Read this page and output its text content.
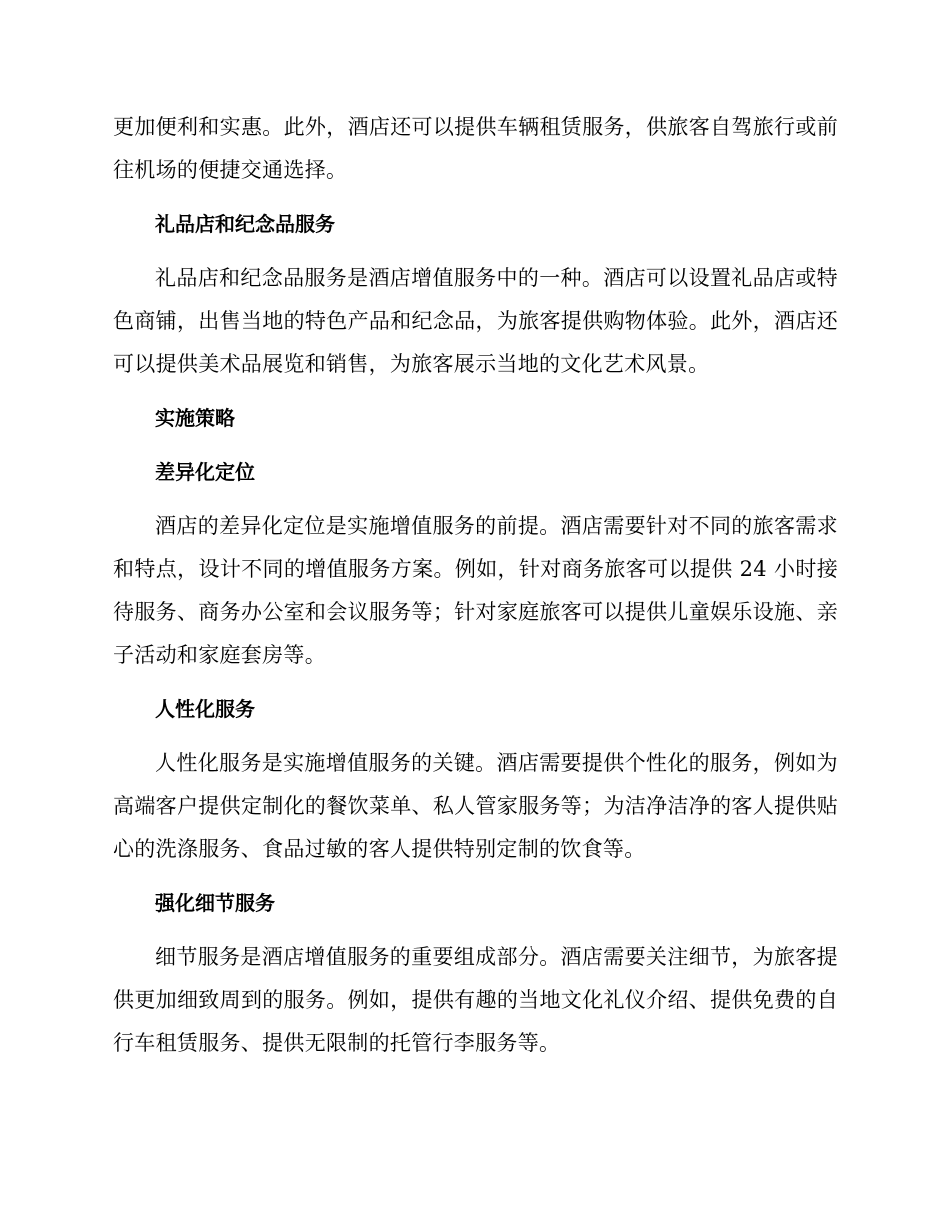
更加便利和实惠。此外，酒店还可以提供车辆租赁服务，供旅客自驾旅行或前往机场的便捷交通选择。

礼品店和纪念品服务

礼品店和纪念品服务是酒店增值服务中的一种。酒店可以设置礼品店或特色商铺，出售当地的特色产品和纪念品，为旅客提供购物体验。此外，酒店还可以提供美术品展览和销售，为旅客展示当地的文化艺术风景。

实施策略
差异化定位

酒店的差异化定位是实施增值服务的前提。酒店需要针对不同的旅客需求和特点，设计不同的增值服务方案。例如，针对商务旅客可以提供 24 小时接待服务、商务办公室和会议服务等；针对家庭旅客可以提供儿童娱乐设施、亲子活动和家庭套房等。

人性化服务

人性化服务是实施增值服务的关键。酒店需要提供个性化的服务，例如为高端客户提供定制化的餐饮菜单、私人管家服务等；为洁净洁净的客人提供贴心的洗涤服务、食品过敏的客人提供特别定制的饮食等。

强化细节服务

细节服务是酒店增值服务的重要组成部分。酒店需要关注细节，为旅客提供更加细致周到的服务。例如，提供有趣的当地文化礼仪介绍、提供免费的自行车租赁服务、提供无限制的托管行李服务等。
